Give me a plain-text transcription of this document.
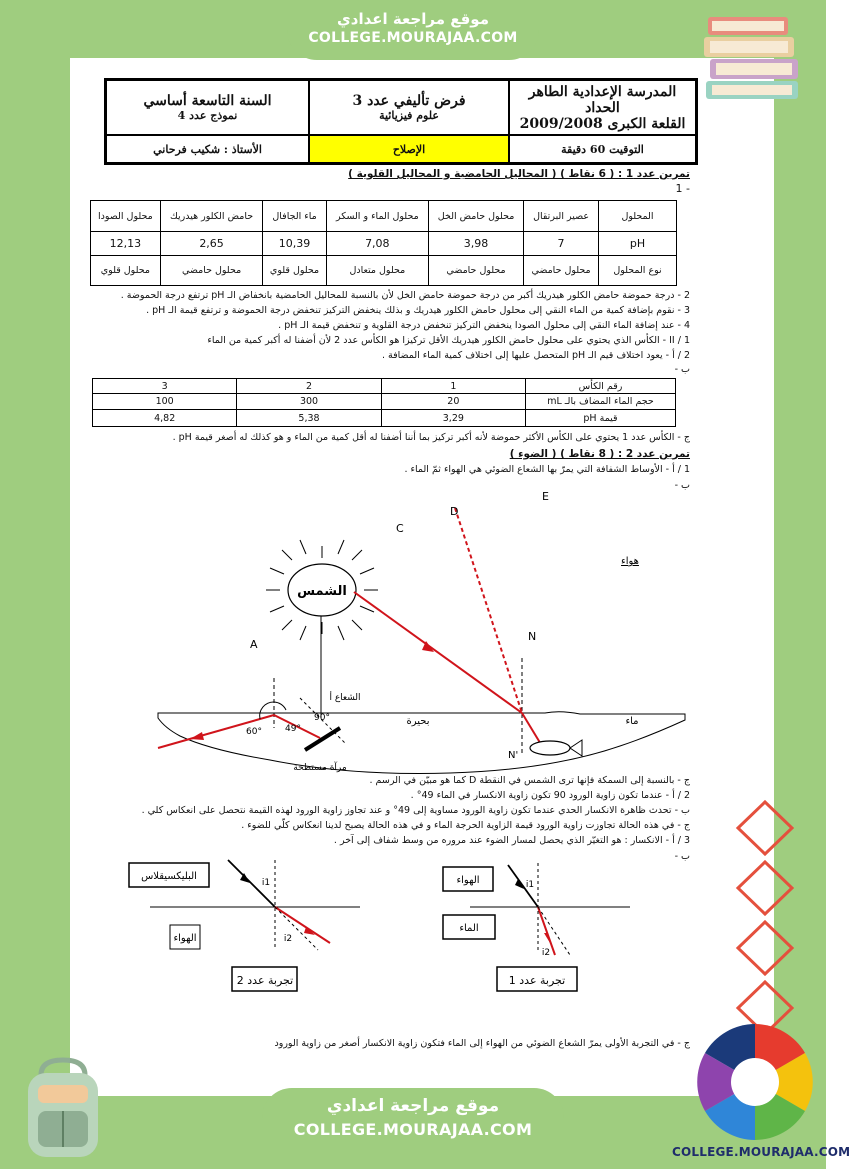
موقع مراجعة اعدادي
COLLEGE.MOURAJAA.COM
السنة التاسعة أساسي
نموذج عدد 4
فرض تأليفي عدد 3
علوم فيزيائية
المدرسة الإعدادية الطاهر الحداد
القلعة الكبرى 2009/2008
الأستاذ : شكيب فرحاني	الإصلاح	التوقيت 60 دقيقة
تمرين عدد 1 : ( 6 نقاط ) ( المحاليل الحامضية و المحاليل القلوية )
1 -
المحلول	عصير البرتقال	محلول حامض الخل	محلول الماء و السكر	ماء الجافال	حامض الكلور هيدريك	محلول الصودا
pH	7	3,98	7,08	10,39	2,65	12,13
نوع المحلول	محلول حامضي	محلول حامضي	محلول متعادل	محلول قلوي	محلول حامضي	محلول قلوي
2 - درجة حموضة حامض الكلور هيدريك أكبر من درجة حموضة حامض الخل لأن بالنسبة للمحاليل الحامضية بانخفاض الـ pH ترتفع درجة الحموضة .
3 - نقوم بإضافة كمية من الماء النقي إلى محلول حامض الكلور هيدريك و بذلك ينخفض التركيز تنخفض درجة الحموضة و ترتفع قيمة الـ pH .
4 - عند إضافة الماء النقي إلى محلول الصودا ينخفض التركيز تنخفض درجة القلوية و تنخفض قيمة الـ pH .
II / 1 - الكأس الذي يحتوي على محلول حامض الكلور هيدريك الأقل تركيزا هو الكأس عدد 2 لأن أضفنا له أكبر كمية من الماء
2 / أ - يعود اختلاف قيم الـ pH المتحصل عليها إلى اختلاف كمية الماء المضافة .
ب -
رقم الكأس	1	2	3
حجم الماء المضاف بالـ mL	20	300	100
قيمة pH	3,29	5,38	4,82
ج - الكأس عدد 1 يحتوي على الكأس الأكثر حموضة لأنه أكبر تركيز بما أننا أضفنا له أقل كمية من الماء و هو كذلك له أصغر قيمة pH .
تمرين عدد 2 : ( 8 نقاط ) ( الضوء )
1 / أ - الأوساط الشفافة التي يمرّ بها الشعاع الضوئي هي الهواء ثمّ الماء .
ب -
الشمس
هواء
بحيرة	ماء
الشعاع أ
مرآة مستطحة
60°	49°
90°
A
C
D
E
N
N'
ج - بالنسبة إلى السمكة فإنها ترى الشمس في النقطة D كما هو مبيّن في الرسم .
2 / أ - عندما تكون زاوية الورود 90 تكون زاوية الانكسار في الماء 49° .
ب - تحدث ظاهرة الانكسار الحدي عندما تكون زاوية الورود مساوية إلى 49° و عند تجاوز زاوية الورود لهذه القيمة نتحصل على انعكاس كلي .
ج - في هذه الحالة تجاوزت زاوية الورود قيمة الزاوية الحرجة الماء و في هذه الحالة يصبح لدينا انعكاس كلّي للضوء .
3 / أ - الانكسار : هو التغيّر الذي يحصل لمسار الضوء عند مروره من وسط شفاف إلى آخر .
ب -
البليكسيقلاس
الهواء
i1
i2
تجربة عدد 2
الهواء
الماء
i1
i2
تجربة عدد 1
ج - في التجربة الأولى يمرّ الشعاع الضوئي من الهواء إلى الماء فتكون زاوية الانكسار أصغر من زاوية الورود
COLLEGE.MOURAJAA.COM
موقع مراجعة اعدادي
COLLEGE.MOURAJAA.COM
